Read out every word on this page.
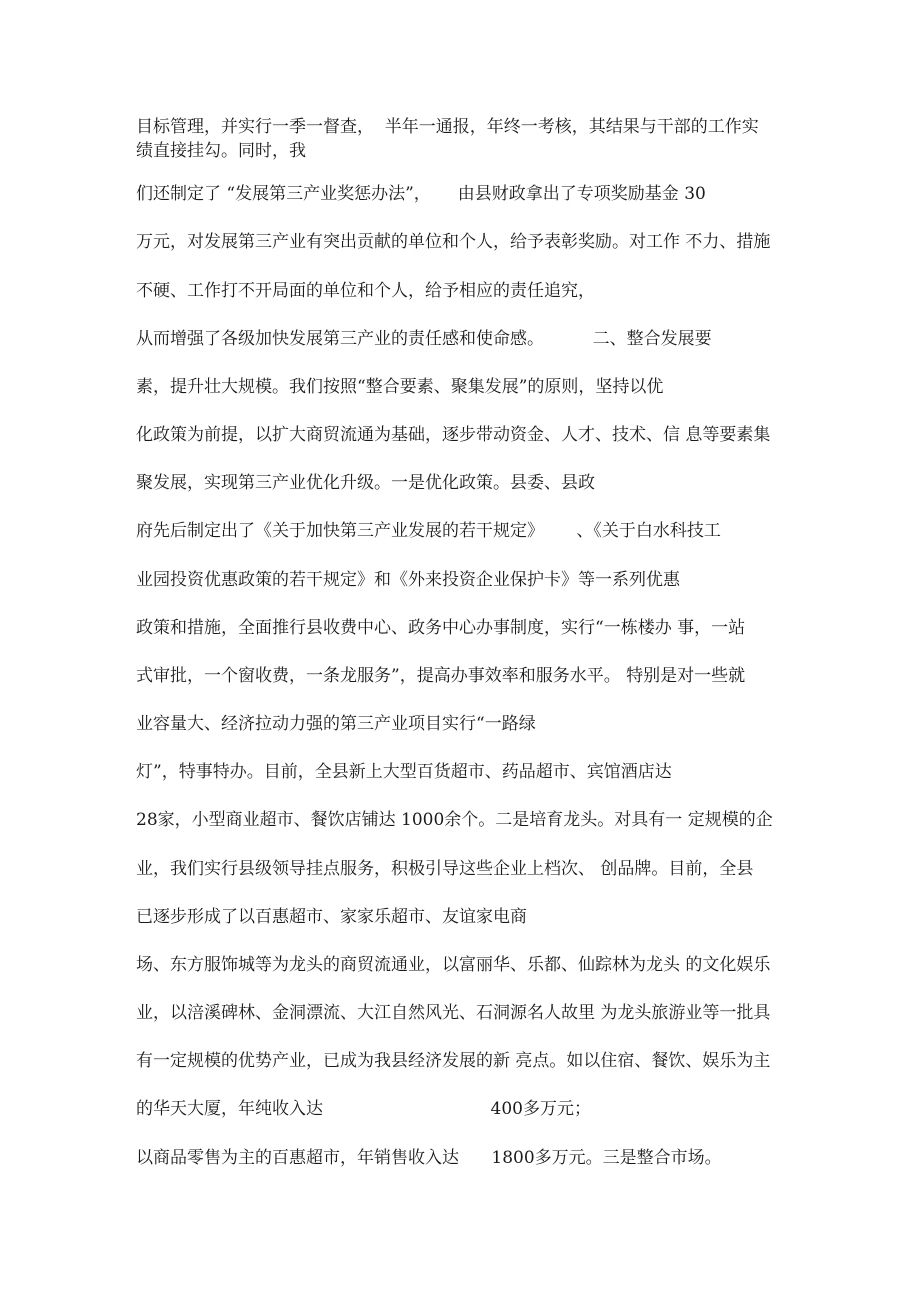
目标管理，并实行一季一督查，  半年一通报，年终一考核，其结果与干部的工作实

绩直接挂勾。同时，我

们还制定了 “发展第三产业奖惩办法”，     由县财政拿出了专项奖励基金 30

万元，对发展第三产业有突出贡献的单位和个人，给予表彰奖励。对工作 不力、措施

不硬、工作打不开局面的单位和个人，给予相应的责任追究，

从而增强了各级加快发展第三产业的责任感和使命感。         二、整合发展要

素，提升壮大规模。我们按照“整合要素、聚集发展”的原则，坚持以优

化政策为前提，以扩大商贸流通为基础，逐步带动资金、人才、技术、信 息等要素集

聚发展，实现第三产业优化升级。一是优化政策。县委、县政

府先后制定出了《关于加快第三产业发展的若干规定》      、《关于白水科技工

业园投资优惠政策的若干规定》和《外来投资企业保护卡》等一系列优惠

政策和措施，全面推行县收费中心、政务中心办事制度，实行“一栋楼办 事，一站

式审批，一个窗收费，一条龙服务”，提高办事效率和服务水平。 特别是对一些就

业容量大、经济拉动力强的第三产业项目实行“一路绿

灯”，特事特办。目前，全县新上大型百货超市、药品超市、宾馆酒店达

28家，小型商业超市、餐饮店铺达 1000余个。二是培育龙头。对具有一 定规模的企

业，我们实行县级领导挂点服务，积极引导这些企业上档次、 创品牌。目前，全县

已逐步形成了以百惠超市、家家乐超市、友谊家电商

场、东方服饰城等为龙头的商贸流通业，以富丽华、乐都、仙踪林为龙头 的文化娱乐

业，以涪溪碑林、金洞漂流、大江自然风光、石洞源名人故里 为龙头旅游业等一批具

有一定规模的优势产业，已成为我县经济发展的新 亮点。如以住宿、餐饮、娱乐为主

的华天大厦，年纯收入达                               400多万元；

以商品零售为主的百惠超市，年销售收入达      1800多万元。三是整合市场。
